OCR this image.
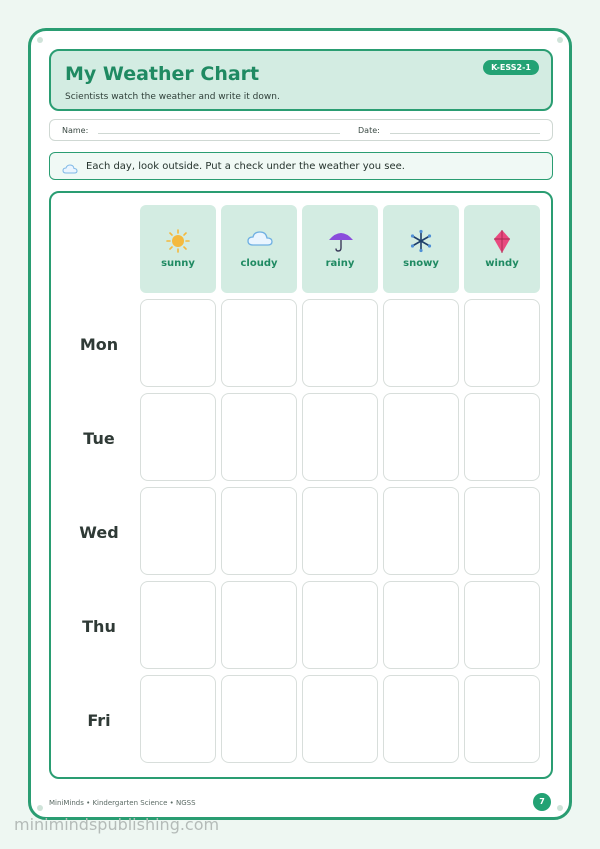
My Weather Chart
Scientists watch the weather and write it down.
K-ESS2-1
Name:	Date:
Each day, look outside. Put a check under the weather you see.
sunny	cloudy	rainy	snowy	windy
Mon
Tue
Wed
Thu
Fri
MiniMinds • Kindergarten Science • NGSS	7
minimindspublishing.com
